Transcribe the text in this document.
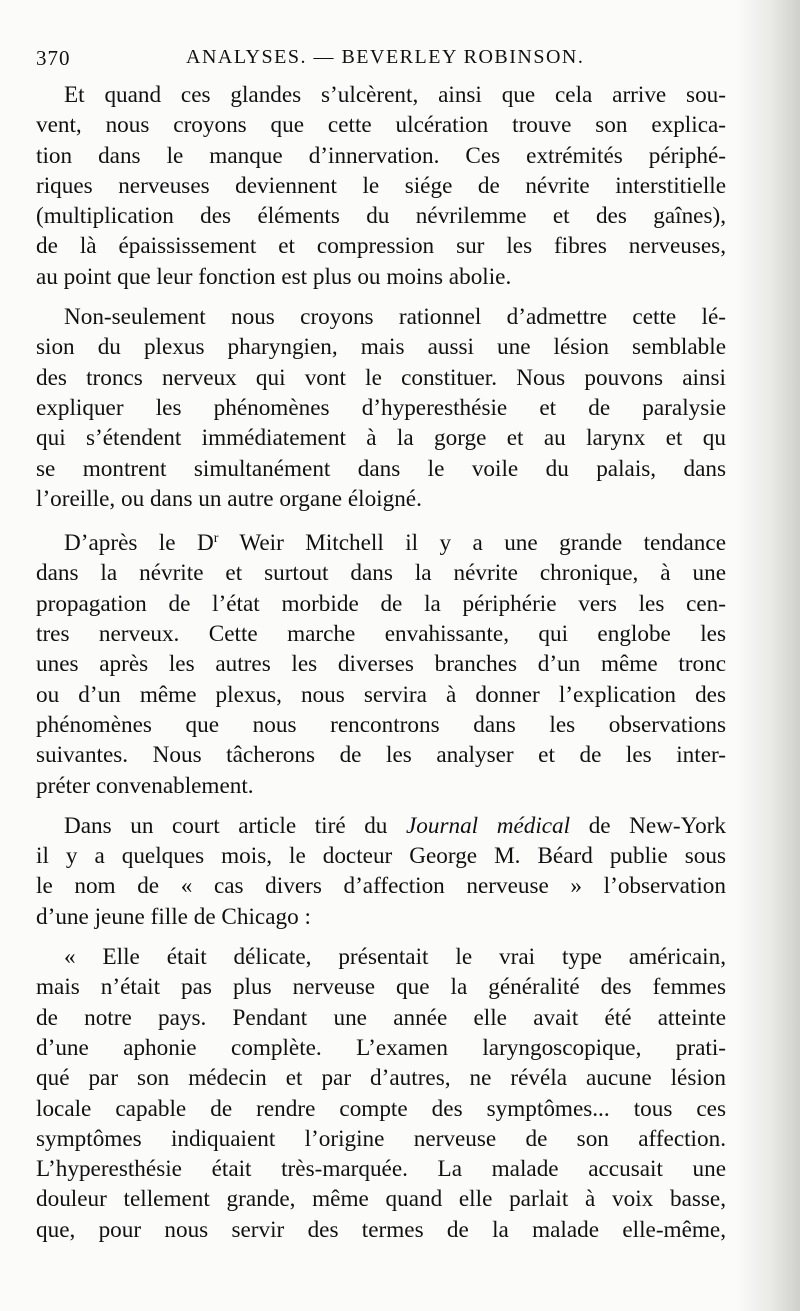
370	ANALYSES. — BEVERLEY ROBINSON.
Et quand ces glandes s’ulcèrent, ainsi que cela arrive sou-
vent, nous croyons que cette ulcération trouve son explica-
tion dans le manque d’innervation. Ces extrémités périphé-
riques nerveuses deviennent le siége de névrite interstitielle
(multiplication des éléments du névrilemme et des gaînes),
de là épaississement et compression sur les fibres nerveuses,
au point que leur fonction est plus ou moins abolie.
Non-seulement nous croyons rationnel d’admettre cette lé-
sion du plexus pharyngien, mais aussi une lésion semblable
des troncs nerveux qui vont le constituer. Nous pouvons ainsi
expliquer les phénomènes d’hyperesthésie et de paralysie
qui s’étendent immédiatement à la gorge et au larynx et qu
se montrent simultanément dans le voile du palais, dans
l’oreille, ou dans un autre organe éloigné.
D’après le $D^r$ Weir Mitchell il y a une grande tendance
dans la névrite et surtout dans la névrite chronique, à une
propagation de l’état morbide de la périphérie vers les cen-
tres nerveux. Cette marche envahissante, qui englobe les
unes après les autres les diverses branches d’un même tronc
ou d’un même plexus, nous servira à donner l’explication des
phénomènes que nous rencontrons dans les observations
suivantes. Nous tâcherons de les analyser et de les inter-
préter convenablement.
Dans un court article tiré du Journal médical de New-York
il y a quelques mois, le docteur George M. Béard publie sous
le nom de « cas divers d’affection nerveuse » l’observation
d’une jeune fille de Chicago :
« Elle était délicate, présentait le vrai type américain,
mais n’était pas plus nerveuse que la généralité des femmes
de notre pays. Pendant une année elle avait été atteinte
d’une aphonie complète. L’examen laryngoscopique, prati-
qué par son médecin et par d’autres, ne révéla aucune lésion
locale capable de rendre compte des symptômes... tous ces
symptômes indiquaient l’origine nerveuse de son affection.
L’hyperesthésie était très-marquée. La malade accusait une
douleur tellement grande, même quand elle parlait à voix basse,
que, pour nous servir des termes de la malade elle-même,
